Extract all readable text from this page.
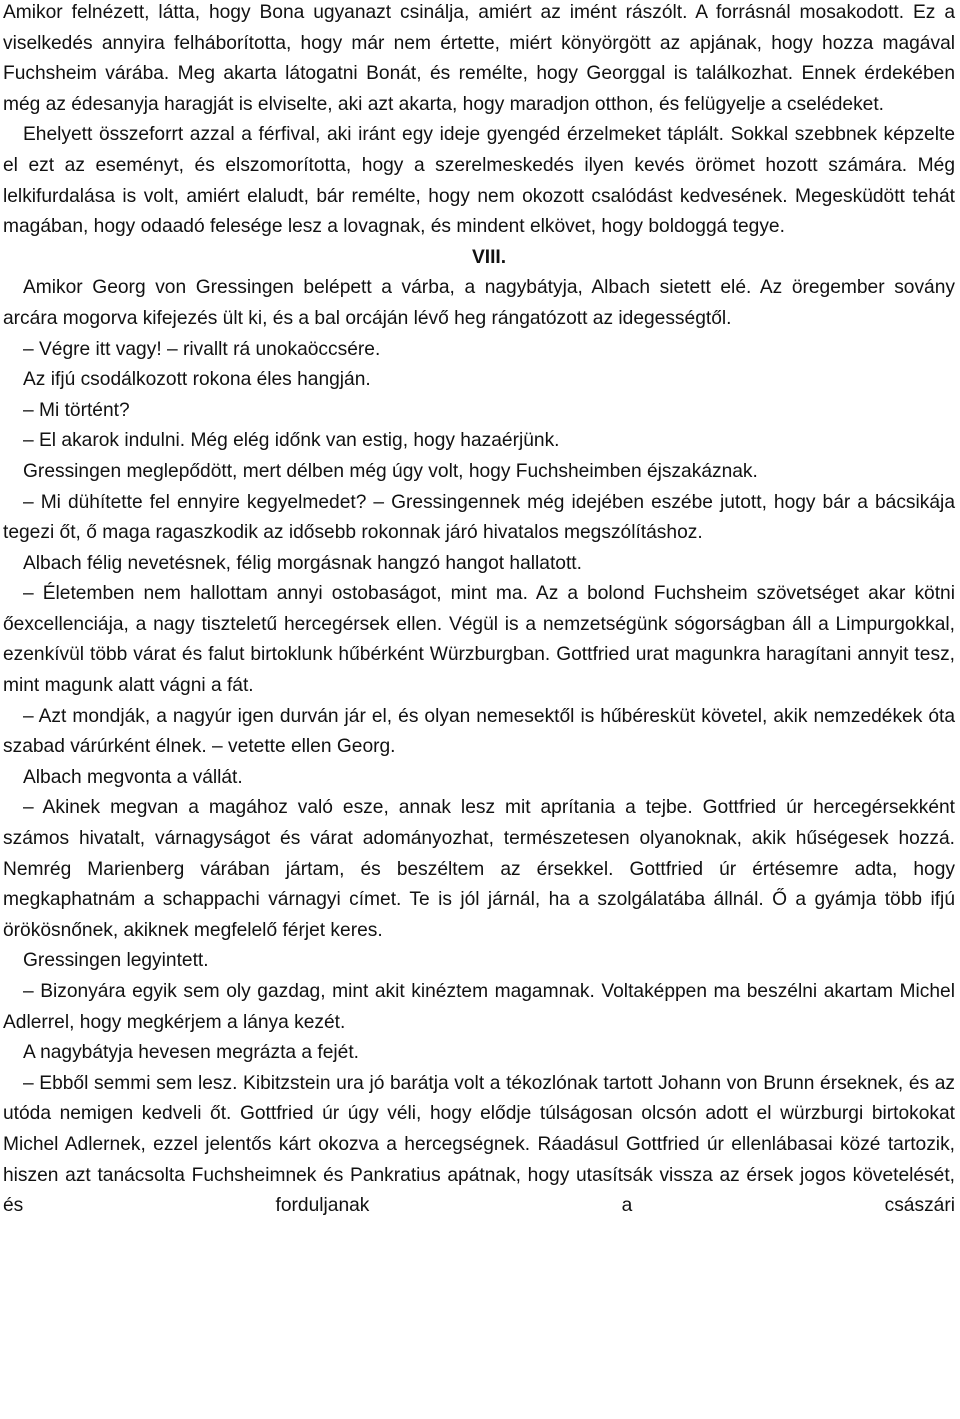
Amikor felnézett, látta, hogy Bona ugyanazt csinálja, amiért az imént rászólt. A forrásnál mosakodott. Ez a viselkedés annyira felháborította, hogy már nem értette, miért könyörgött az apjának, hogy hozza magával Fuchsheim várába. Meg akarta látogatni Bonát, és remélte, hogy Georggal is találkozhat. Ennek érdekében még az édesanyja haragját is elviselte, aki azt akarta, hogy maradjon otthon, és felügyelje a cselédeket.

Ehelyett összeforrt azzal a férfival, aki iránt egy ideje gyengéd érzelmeket táplált. Sokkal szebbnek képzelte el ezt az eseményt, és elszomorította, hogy a szerelmeskedés ilyen kevés örömet hozott számára. Még lelkifurdalása is volt, amiért elaludt, bár remélte, hogy nem okozott csalódást kedvesének. Megesküdött tehát magában, hogy odaadó felesége lesz a lovagnak, és mindent elkövet, hogy boldoggá tegye.

VIII.

Amikor Georg von Gressingen belépett a várba, a nagybátyja, Albach sietett elé. Az öregember sovány arcára mogorva kifejezés ült ki, és a bal orcáján lévő heg rángatózott az idegességtől.

– Végre itt vagy! – rivallt rá unokaöccsére.

Az ifjú csodálkozott rokona éles hangján.

– Mi történt?

– El akarok indulni. Még elég időnk van estig, hogy hazaérjünk.

Gressingen meglepődött, mert délben még úgy volt, hogy Fuchsheimben éjszakáznak.

– Mi dühítette fel ennyire kegyelmedet? – Gressingennek még idejében eszébe jutott, hogy bár a bácsikája tegezi őt, ő maga ragaszkodik az idősebb rokonnak járó hivatalos megszólításhoz.

Albach félig nevetésnek, félig morgásnak hangzó hangot hallatott.

– Életemben nem hallottam annyi ostobaságot, mint ma. Az a bolond Fuchsheim szövetséget akar kötni őexcellenciája, a nagy tiszteletű hercegérsek ellen. Végül is a nemzetségünk sógorságban áll a Limpurgokkal, ezenkívül több várat és falut birtoklunk hűbérként Würzburgban. Gottfried urat magunkra haragítani annyit tesz, mint magunk alatt vágni a fát.

– Azt mondják, a nagyúr igen durván jár el, és olyan nemesektől is hűbéresküt követel, akik nemzedékek óta szabad várúrként élnek. – vetette ellen Georg.

Albach megvonta a vállát.

– Akinek megvan a magához való esze, annak lesz mit aprítania a tejbe. Gottfried úr hercegérsekként számos hivatalt, várnagyságot és várat adományozhat, természetesen olyanoknak, akik hűségesek hozzá. Nemrég Marienberg várában jártam, és beszéltem az érsekkel. Gottfried úr értésemre adta, hogy megkaphatnám a schappachi várnagyi címet. Te is jól járnál, ha a szolgálatába állnál. Ő a gyámja több ifjú örökösnőnek, akiknek megfelelő férjet keres.

Gressingen legyintett.

– Bizonyára egyik sem oly gazdag, mint akit kinéztem magamnak. Voltaképpen ma beszélni akartam Michel Adlerrel, hogy megkérjem a lánya kezét.

A nagybátyja hevesen megrázta a fejét.

– Ebből semmi sem lesz. Kibitzstein ura jó barátja volt a tékozlónak tartott Johann von Brunn érseknek, és az utóda nemigen kedveli őt. Gottfried úr úgy véli, hogy elődje túlságosan olcsón adott el würzburgi birtokokat Michel Adlernek, ezzel jelentős kárt okozva a hercegségnek. Ráadásul Gottfried úr ellenlábasai közé tartozik, hiszen azt tanácsolta Fuchsheimnek és Pankratius apátnak, hogy utasítsák vissza az érsek jogos követelését, és forduljanak a császári
